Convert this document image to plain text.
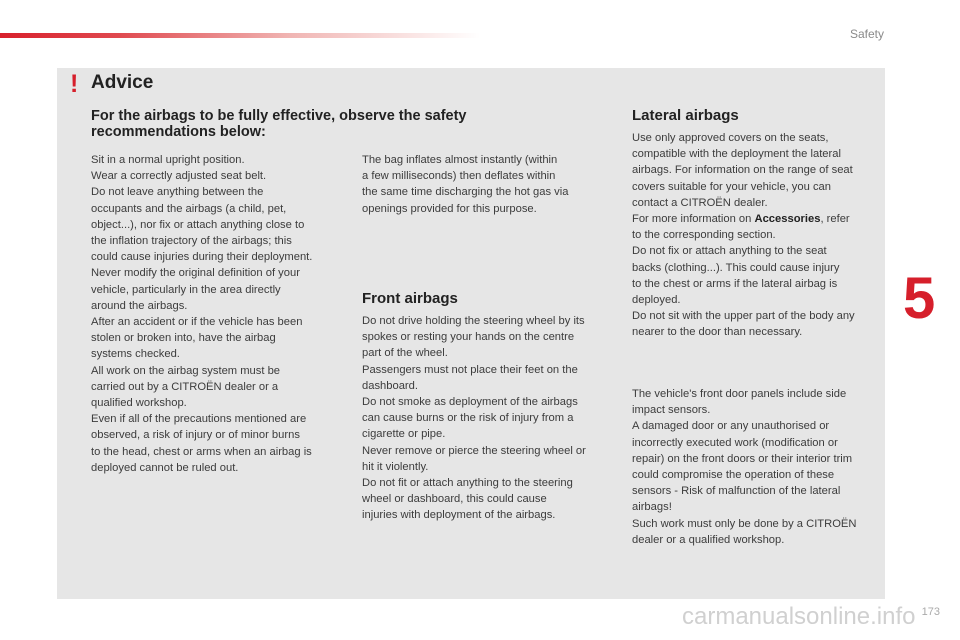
Safety
5
173
! Advice
For the airbags to be fully effective, observe the safety
recommendations below:
Sit in a normal upright position.
Wear a correctly adjusted seat belt.
Do not leave anything between the
occupants and the airbags (a child, pet,
object...), nor fix or attach anything close to
the inflation trajectory of the airbags; this
could cause injuries during their deployment.
Never modify the original definition of your
vehicle, particularly in the area directly
around the airbags.
After an accident or if the vehicle has been
stolen or broken into, have the airbag
systems checked.
All work on the airbag system must be
carried out by a CITROËN dealer or a
qualified workshop.
Even if all of the precautions mentioned are
observed, a risk of injury or of minor burns
to the head, chest or arms when an airbag is
deployed cannot be ruled out.
The bag inflates almost instantly (within
a few milliseconds) then deflates within
the same time discharging the hot gas via
openings provided for this purpose.
Front airbags
Do not drive holding the steering wheel by its
spokes or resting your hands on the centre
part of the wheel.
Passengers must not place their feet on the
dashboard.
Do not smoke as deployment of the airbags
can cause burns or the risk of injury from a
cigarette or pipe.
Never remove or pierce the steering wheel or
hit it violently.
Do not fit or attach anything to the steering
wheel or dashboard, this could cause
injuries with deployment of the airbags.
Lateral airbags
Use only approved covers on the seats,
compatible with the deployment the lateral
airbags. For information on the range of seat
covers suitable for your vehicle, you can
contact a CITROËN dealer.
For more information on Accessories, refer
to the corresponding section.
Do not fix or attach anything to the seat
backs (clothing...). This could cause injury
to the chest or arms if the lateral airbag is
deployed.
Do not sit with the upper part of the body any
nearer to the door than necessary.
The vehicle's front door panels include side
impact sensors.
A damaged door or any unauthorised or
incorrectly executed work (modification or
repair) on the front doors or their interior trim
could compromise the operation of these
sensors - Risk of malfunction of the lateral
airbags!
Such work must only be done by a CITROËN
dealer or a qualified workshop.
carmanualsonline.info
